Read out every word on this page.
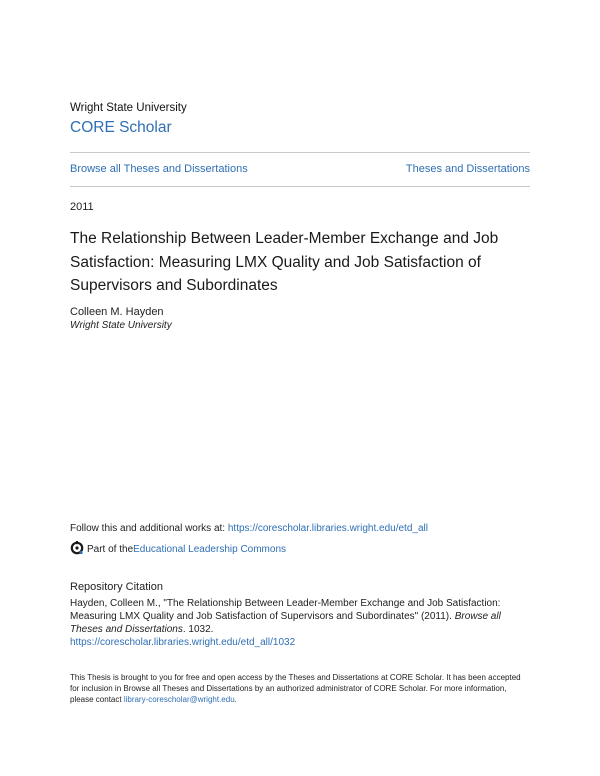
Wright State University
CORE Scholar
Browse all Theses and Dissertations	Theses and Dissertations
2011
The Relationship Between Leader-Member Exchange and Job Satisfaction: Measuring LMX Quality and Job Satisfaction of Supervisors and Subordinates
Colleen M. Hayden
Wright State University
Follow this and additional works at: https://corescholar.libraries.wright.edu/etd_all
Part of the Educational Leadership Commons
Repository Citation
Hayden, Colleen M., "The Relationship Between Leader-Member Exchange and Job Satisfaction: Measuring LMX Quality and Job Satisfaction of Supervisors and Subordinates" (2011). Browse all Theses and Dissertations. 1032.
https://corescholar.libraries.wright.edu/etd_all/1032
This Thesis is brought to you for free and open access by the Theses and Dissertations at CORE Scholar. It has been accepted for inclusion in Browse all Theses and Dissertations by an authorized administrator of CORE Scholar. For more information, please contact library-corescholar@wright.edu.
